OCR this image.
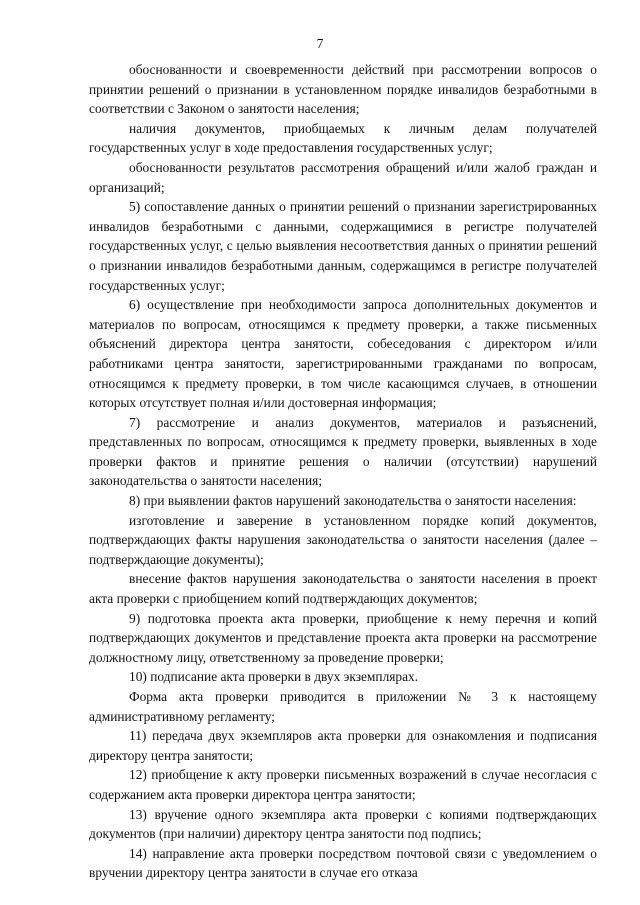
7

обоснованности и своевременности действий при рассмотрении вопросов о принятии решений о признании в установленном порядке инвалидов безработными в соответствии с Законом о занятости населения;

наличия документов, приобщаемых к личным делам получателей государственных услуг в ходе предоставления государственных услуг;

обоснованности результатов рассмотрения обращений и/или жалоб граждан и организаций;

5) сопоставление данных о принятии решений о признании зарегистрированных инвалидов безработными с данными, содержащимися в регистре получателей государственных услуг, с целью выявления несоответствия данных о принятии решений о признании инвалидов безработными данным, содержащимся в регистре получателей государственных услуг;

6) осуществление при необходимости запроса дополнительных документов и материалов по вопросам, относящимся к предмету проверки, а также письменных объяснений директора центра занятости, собеседования с директором и/или работниками центра занятости, зарегистрированными гражданами по вопросам, относящимся к предмету проверки, в том числе касающимся случаев, в отношении которых отсутствует полная и/или достоверная информация;

7) рассмотрение и анализ документов, материалов и разъяснений, представленных по вопросам, относящимся к предмету проверки, выявленных в ходе проверки фактов и принятие решения о наличии (отсутствии) нарушений законодательства о занятости населения;

8) при выявлении фактов нарушений законодательства о занятости населения:

изготовление и заверение в установленном порядке копий документов, подтверждающих факты нарушения законодательства о занятости населения (далее – подтверждающие документы);

внесение фактов нарушения законодательства о занятости населения в проект акта проверки с приобщением копий подтверждающих документов;

9) подготовка проекта акта проверки, приобщение к нему перечня и копий подтверждающих документов и представление проекта акта проверки на рассмотрение должностному лицу, ответственному за проведение проверки;

10) подписание акта проверки в двух экземплярах.

Форма акта проверки приводится в приложении № 3 к настоящему административному регламенту;

11) передача двух экземпляров акта проверки для ознакомления и подписания директору центра занятости;

12) приобщение к акту проверки письменных возражений в случае несогласия с содержанием акта проверки директора центра занятости;

13) вручение одного экземпляра акта проверки с копиями подтверждающих документов (при наличии) директору центра занятости под подпись;

14) направление акта проверки посредством почтовой связи с уведомлением о вручении директору центра занятости в случае его отказа
